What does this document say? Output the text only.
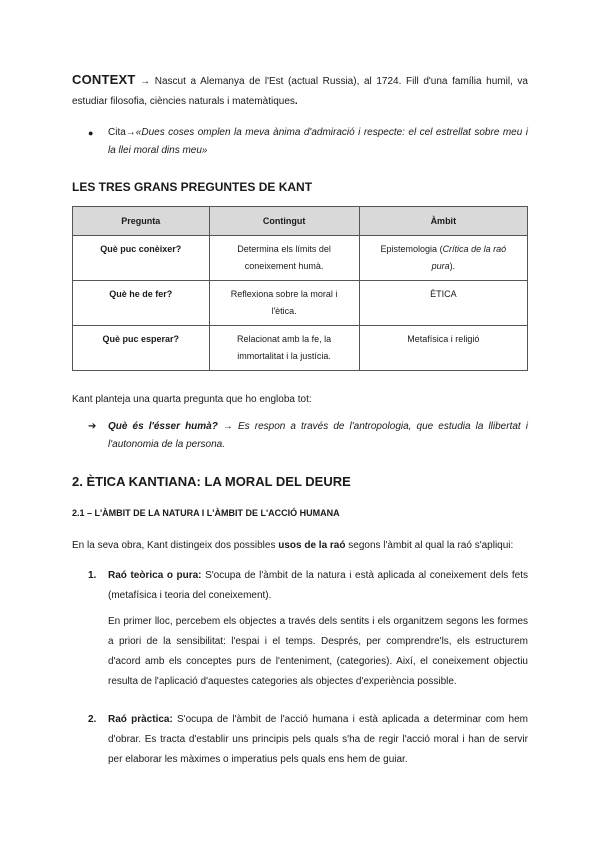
CONTEXT → Nascut a Alemanya de l'Est (actual Russia), al 1724. Fill d'una família humil, va estudiar filosofia, ciències naturals i matemàtiques.

●	Cita→«Dues coses omplen la meva ànima d'admiració i respecte: el cel estrellat sobre meu i la llei moral dins meu»
LES TRES GRANS PREGUNTES DE KANT
Pregunta	Contingut	Àmbit
Què puc conèixer?	Determina els límits del coneixement humà.	Epistemologia (Crítica de la raó pura).
Què he de fer?	Reflexiona sobre la moral i l'ètica.	ÈTICA
Què puc esperar?	Relacionat amb la fe, la immortalitat i la justícia.	Metafísica i religió

Kant planteja una quarta pregunta que ho engloba tot:

➔	Què és l'ésser humà? → Es respon a través de l'antropologia, que estudia la llibertat i l'autonomia de la persona.
2. ÈTICA KANTIANA: LA MORAL DEL DEURE
2.1 – L'ÀMBIT DE LA NATURA I L'ÀMBIT DE L'ACCIÓ HUMANA

En la seva obra, Kant distingeix dos possibles usos de la raó segons l'àmbit al qual la raó s'apliqui:

1.	Raó teòrica o pura: S'ocupa de l'àmbit de la natura i està aplicada al coneixement dels fets (metafísica i teoria del coneixement).

En primer lloc, percebem els objectes a través dels sentits i els organitzem segons les formes a priori de la sensibilitat: l'espai i el temps. Després, per comprendre'ls, els estructurem d'acord amb els conceptes purs de l'enteniment, (categories). Així, el coneixement objectiu resulta de l'aplicació d'aquestes categories als objectes d'experiència possible.

2.	Raó pràctica: S'ocupa de l'àmbit de l'acció humana i està aplicada a determinar com hem d'obrar. Es tracta d'establir uns principis pels quals s'ha de regir l'acció moral i han de servir per elaborar les màximes o imperatius pels quals ens hem de guiar.
